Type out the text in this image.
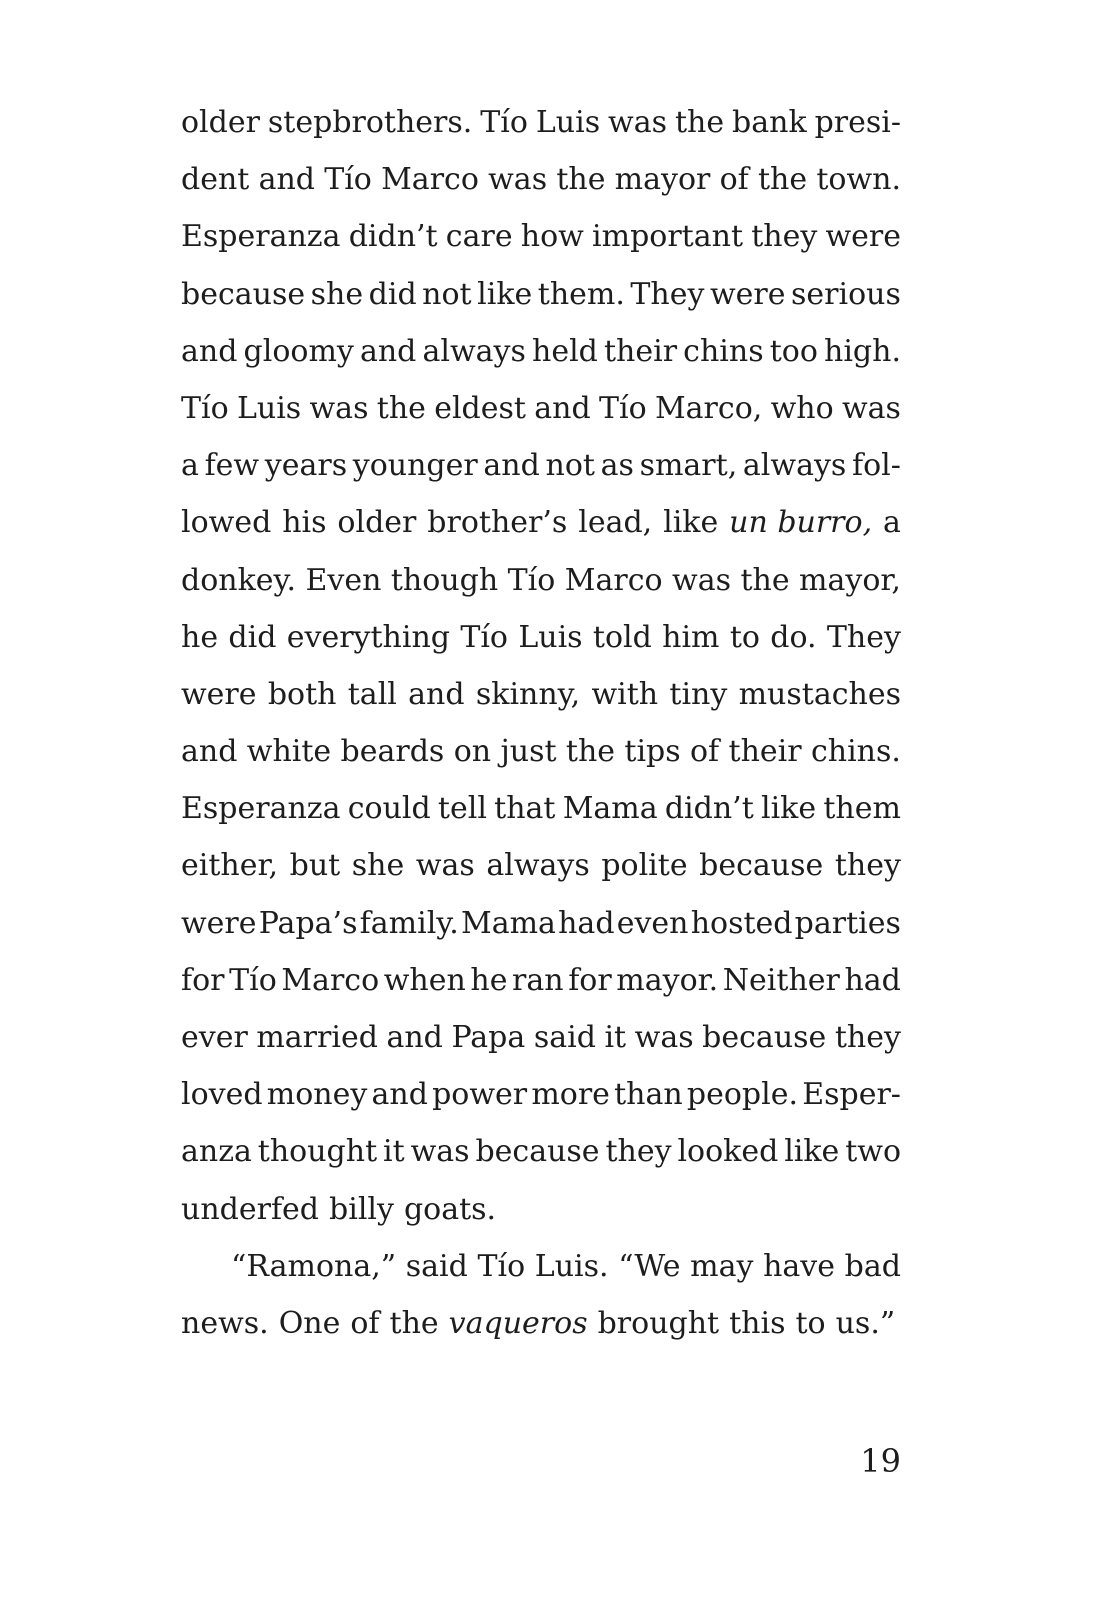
older stepbrothers. Tío Luis was the bank presi-
dent and Tío Marco was the mayor of the town.
Esperanza didn’t care how important they were
because she did not like them. They were serious
and gloomy and always held their chins too high.
Tío Luis was the eldest and Tío Marco, who was
a few years younger and not as smart, always fol-
lowed his older brother’s lead, like un burro, a
donkey. Even though Tío Marco was the mayor,
he did everything Tío Luis told him to do. They
were both tall and skinny, with tiny mustaches
and white beards on just the tips of their chins.
Esperanza could tell that Mama didn’t like them
either, but she was always polite because they
were Papa’s family. Mama had even hosted parties
for Tío Marco when he ran for mayor. Neither had
ever married and Papa said it was because they
loved money and power more than people. Esper-
anza thought it was because they looked like two
underfed billy goats.
“Ramona,” said Tío Luis. “We may have bad
news. One of the vaqueros brought this to us.”
19
